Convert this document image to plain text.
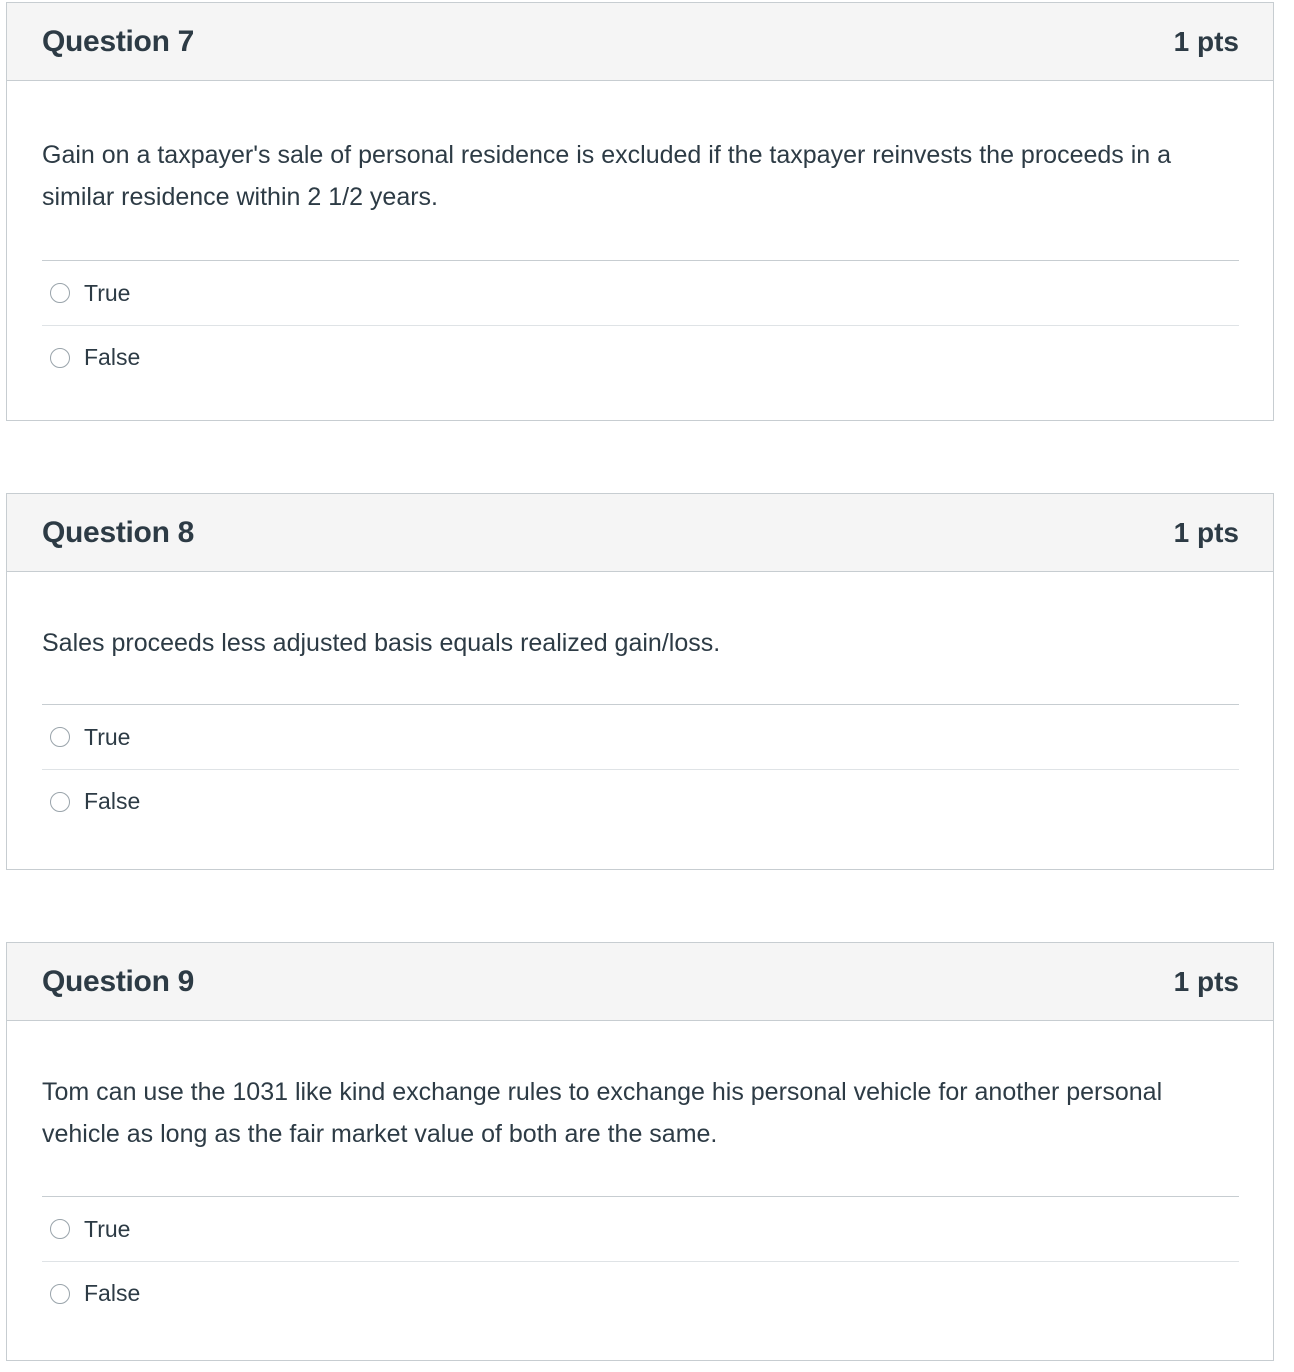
Question 7	1 pts

Gain on a taxpayer's sale of personal residence is excluded if the taxpayer reinvests the proceeds in a similar residence within 2 1/2 years.

True
False
Question 8	1 pts

Sales proceeds less adjusted basis equals realized gain/loss.

True
False
Question 9	1 pts

Tom can use the 1031 like kind exchange rules to exchange his personal vehicle for another personal vehicle as long as the fair market value of both are the same.

True
False
